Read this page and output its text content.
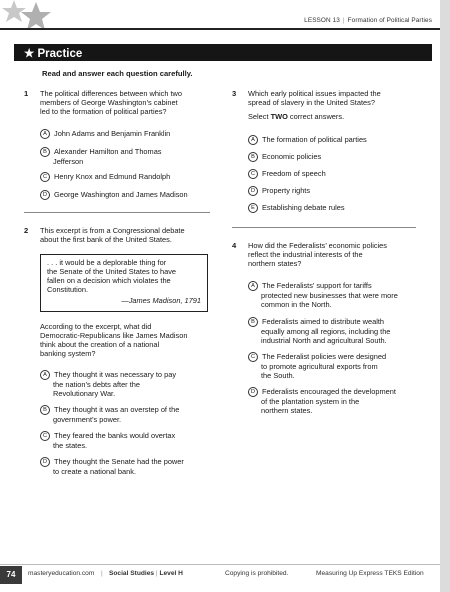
LESSON 13 | Formation of Political Parties
★ Practice
Read and answer each question carefully.
1 The political differences between which two
members of George Washington’s cabinet
led to the formation of political parties?
A John Adams and Benjamin Franklin
B Alexander Hamilton and Thomas
Jefferson
C Henry Knox and Edmund Randolph
D George Washington and James Madison
2 This excerpt is from a Congressional debate
about the first bank of the United States.
. . . it would be a deplorable thing for
the Senate of the United States to have
fallen on a decision which violates the
Constitution.
—James Madison, 1791
According to the excerpt, what did
Democratic-Republicans like James Madison
think about the creation of a national
banking system?
A They thought it was necessary to pay
the nation’s debts after the
Revolutionary War.
B They thought it was an overstep of the
government’s power.
C They feared the banks would overtax
the states.
D They thought the Senate had the power
to create a national bank.
3 Which early political issues impacted the
spread of slavery in the United States?
Select TWO correct answers.
A The formation of political parties
B Economic policies
C Freedom of speech
D Property rights
E Establishing debate rules
4 How did the Federalists’ economic policies
reflect the industrial interests of the
northern states?
A The Federalists’ support for tariffs
protected new businesses that were more
common in the North.
B Federalists aimed to distribute wealth
equally among all regions, including the
industrial North and agricultural South.
C The Federalist policies were designed
to promote agricultural exports from
the South.
D Federalists encouraged the development
of the plantation system in the
northern states.
74	masteryeducation.com | Social Studies | Level H	Copying is prohibited.	Measuring Up Express TEKS Edition
